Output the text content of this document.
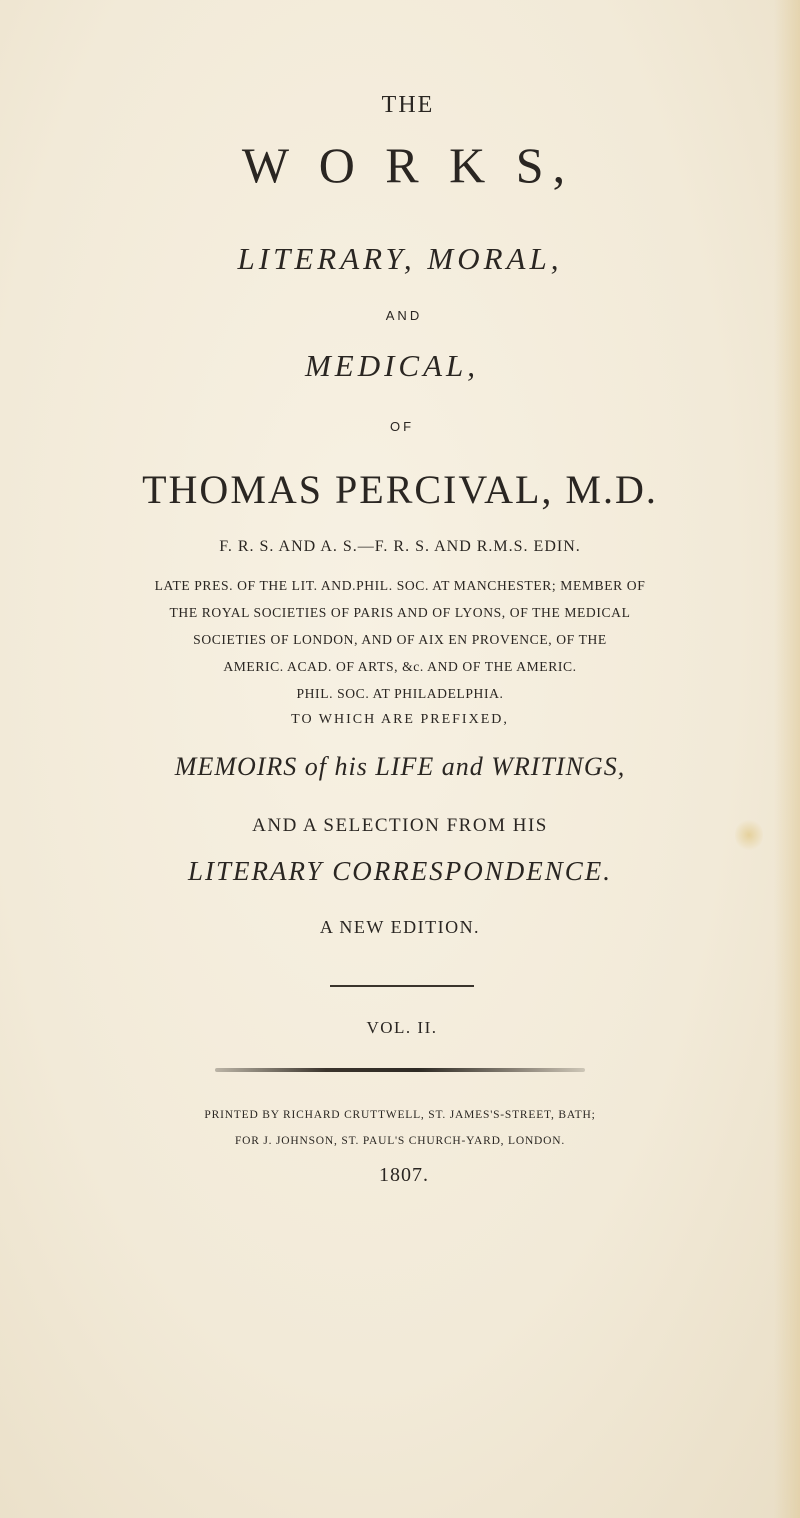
THE
W O R K S,
LITERARY, MORAL,
AND
MEDICAL,
OF
THOMAS PERCIVAL, M.D.
F. R. S. AND A. S.—F. R. S. AND R.M.S. EDIN.
LATE PRES. OF THE LIT. AND.PHIL. SOC. AT MANCHESTER; MEMBER OF
THE ROYAL SOCIETIES OF PARIS AND OF LYONS, OF THE MEDICAL
SOCIETIES OF LONDON, AND OF AIX EN PROVENCE, OF THE
AMERIC. ACAD. OF ARTS, &c. AND OF THE AMERIC.
PHIL. SOC. AT PHILADELPHIA.
TO WHICH ARE PREFIXED,
MEMOIRS of his LIFE and WRITINGS,
AND A SELECTION FROM HIS
LITERARY CORRESPONDENCE.
A NEW EDITION.
VOL. II.
PRINTED BY RICHARD CRUTTWELL, ST. JAMES'S-STREET, BATH;
FOR J. JOHNSON, ST. PAUL'S CHURCH-YARD, LONDON.
1807.
